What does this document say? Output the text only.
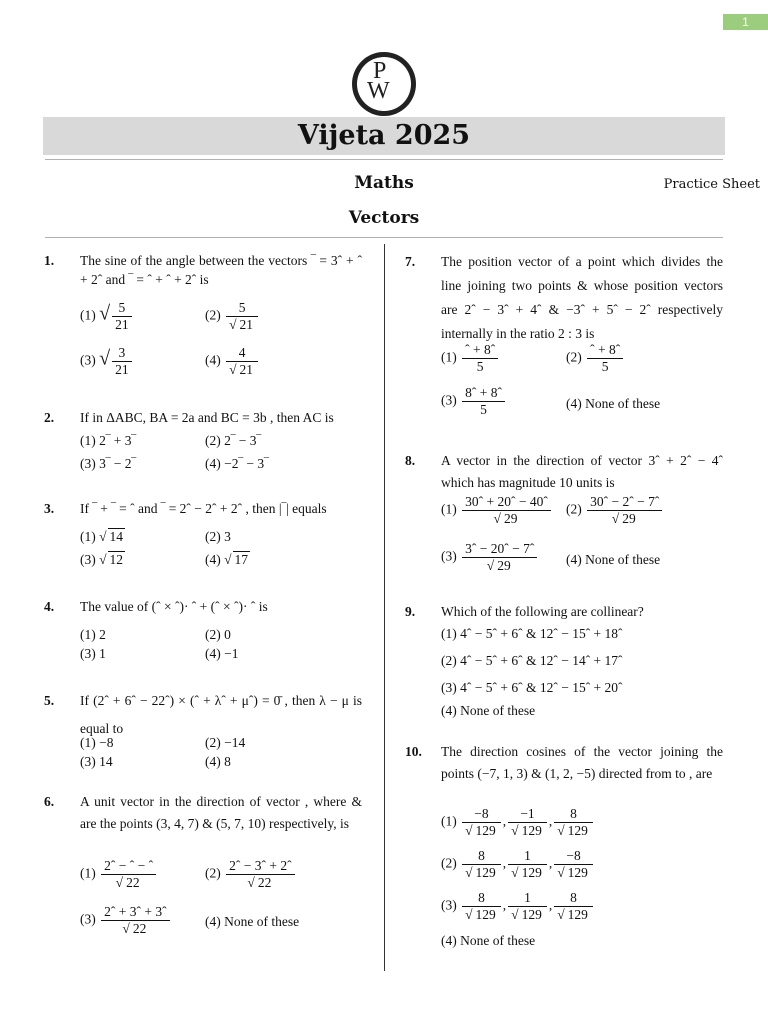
1
P
W
Vijeta 2025
Maths	Practice Sheet
Vectors
1. The sine of the angle between the vectors ‾ = 3ˆ + ˆ + 2ˆ and ‾ = ˆ + ˆ + 2ˆ is
(1) √ $\frac{5}{21}$	$(2) \frac{5}{√ 21}$
(3) √ $\frac{3}{21}$	$(4) \frac{4}{√ 21}$
2. If in ΔABC, BA = 2a and BC = 3b , then AC is
(1) 2‾ + 3‾	(2) 2‾ − 3‾
(3) 3‾ − 2‾	(4) −2‾ − 3‾
3. If ‾ + ‾ = ˆ and ‾ = 2ˆ − 2ˆ + 2ˆ , then |‾| equals
(1) √ 14	(2) 3
(3) √ 12	(4) √ 17
4. The value of (ˆ × ˆ)· ˆ + (ˆ × ˆ)· ˆ is
(1) 2	(2) 0
(3) 1	(4) −1
5. If (2ˆ + 6ˆ − 22ˆ) × (ˆ + λˆ + μˆ) = 0̄ , then λ − μ is equal to
(1) −8	(2) −14
(3) 14	(4) 8
6. A unit vector in the direction of vector , where & are the points (3, 4, 7) & (5, 7, 10) respectively, is
$(1) \frac{\text{2ˆ − ˆ − ˆ}}{√ 22}$	$(2) \frac{\text{2ˆ − 3ˆ + 2ˆ}}{√ 22}$
$(3) \frac{\text{2ˆ + 3ˆ + 3ˆ}}{√ 22}$	(4) None of these
7. The position vector of a point which divides the line joining two points & whose position vectors are 2ˆ − 3ˆ + 4ˆ & −3ˆ + 5ˆ − 2ˆ respectively internally in the ratio 2 : 3 is
$(1) \frac{\text{ˆ + 8ˆ}}{5}$	$(2) \frac{\text{ˆ + 8ˆ}}{5}$
$(3) \frac{\text{8ˆ + 8ˆ}}{5}$	(4) None of these
8. A vector in the direction of vector 3ˆ + 2ˆ − 4ˆ which has magnitude 10 units is
$(1) \frac{\text{30ˆ + 20ˆ − 40ˆ}}{√ 29} (2) \frac{\text{30ˆ − 2ˆ − 7ˆ}}{√ 29}$
$(3) \frac{\text{3ˆ − 20ˆ − 7ˆ}}{√ 29} (4)$ None of these
9. Which of the following are collinear?
(1) 4ˆ − 5ˆ + 6ˆ & 12ˆ − 15ˆ + 18ˆ
(2) 4ˆ − 5ˆ + 6ˆ & 12ˆ − 14ˆ + 17ˆ
(3) 4ˆ − 5ˆ + 6ˆ & 12ˆ − 15ˆ + 20ˆ
(4) None of these
10. The direction cosines of the vector joining the points (−7, 1, 3) & (1, 2, −5) directed from to , are
$(1) \frac{-8}{√ 129}$ , $\frac{-1}{√ 129}$ , $\frac{8}{√ 129}$
$(2) \frac{8}{√ 129}$ , $\frac{1}{√ 129}$ , $\frac{-8}{√ 129}$
$(3) \frac{8}{√ 129}$ , $\frac{1}{√ 129}$ , $\frac{8}{√ 129}$
(4) None of these
